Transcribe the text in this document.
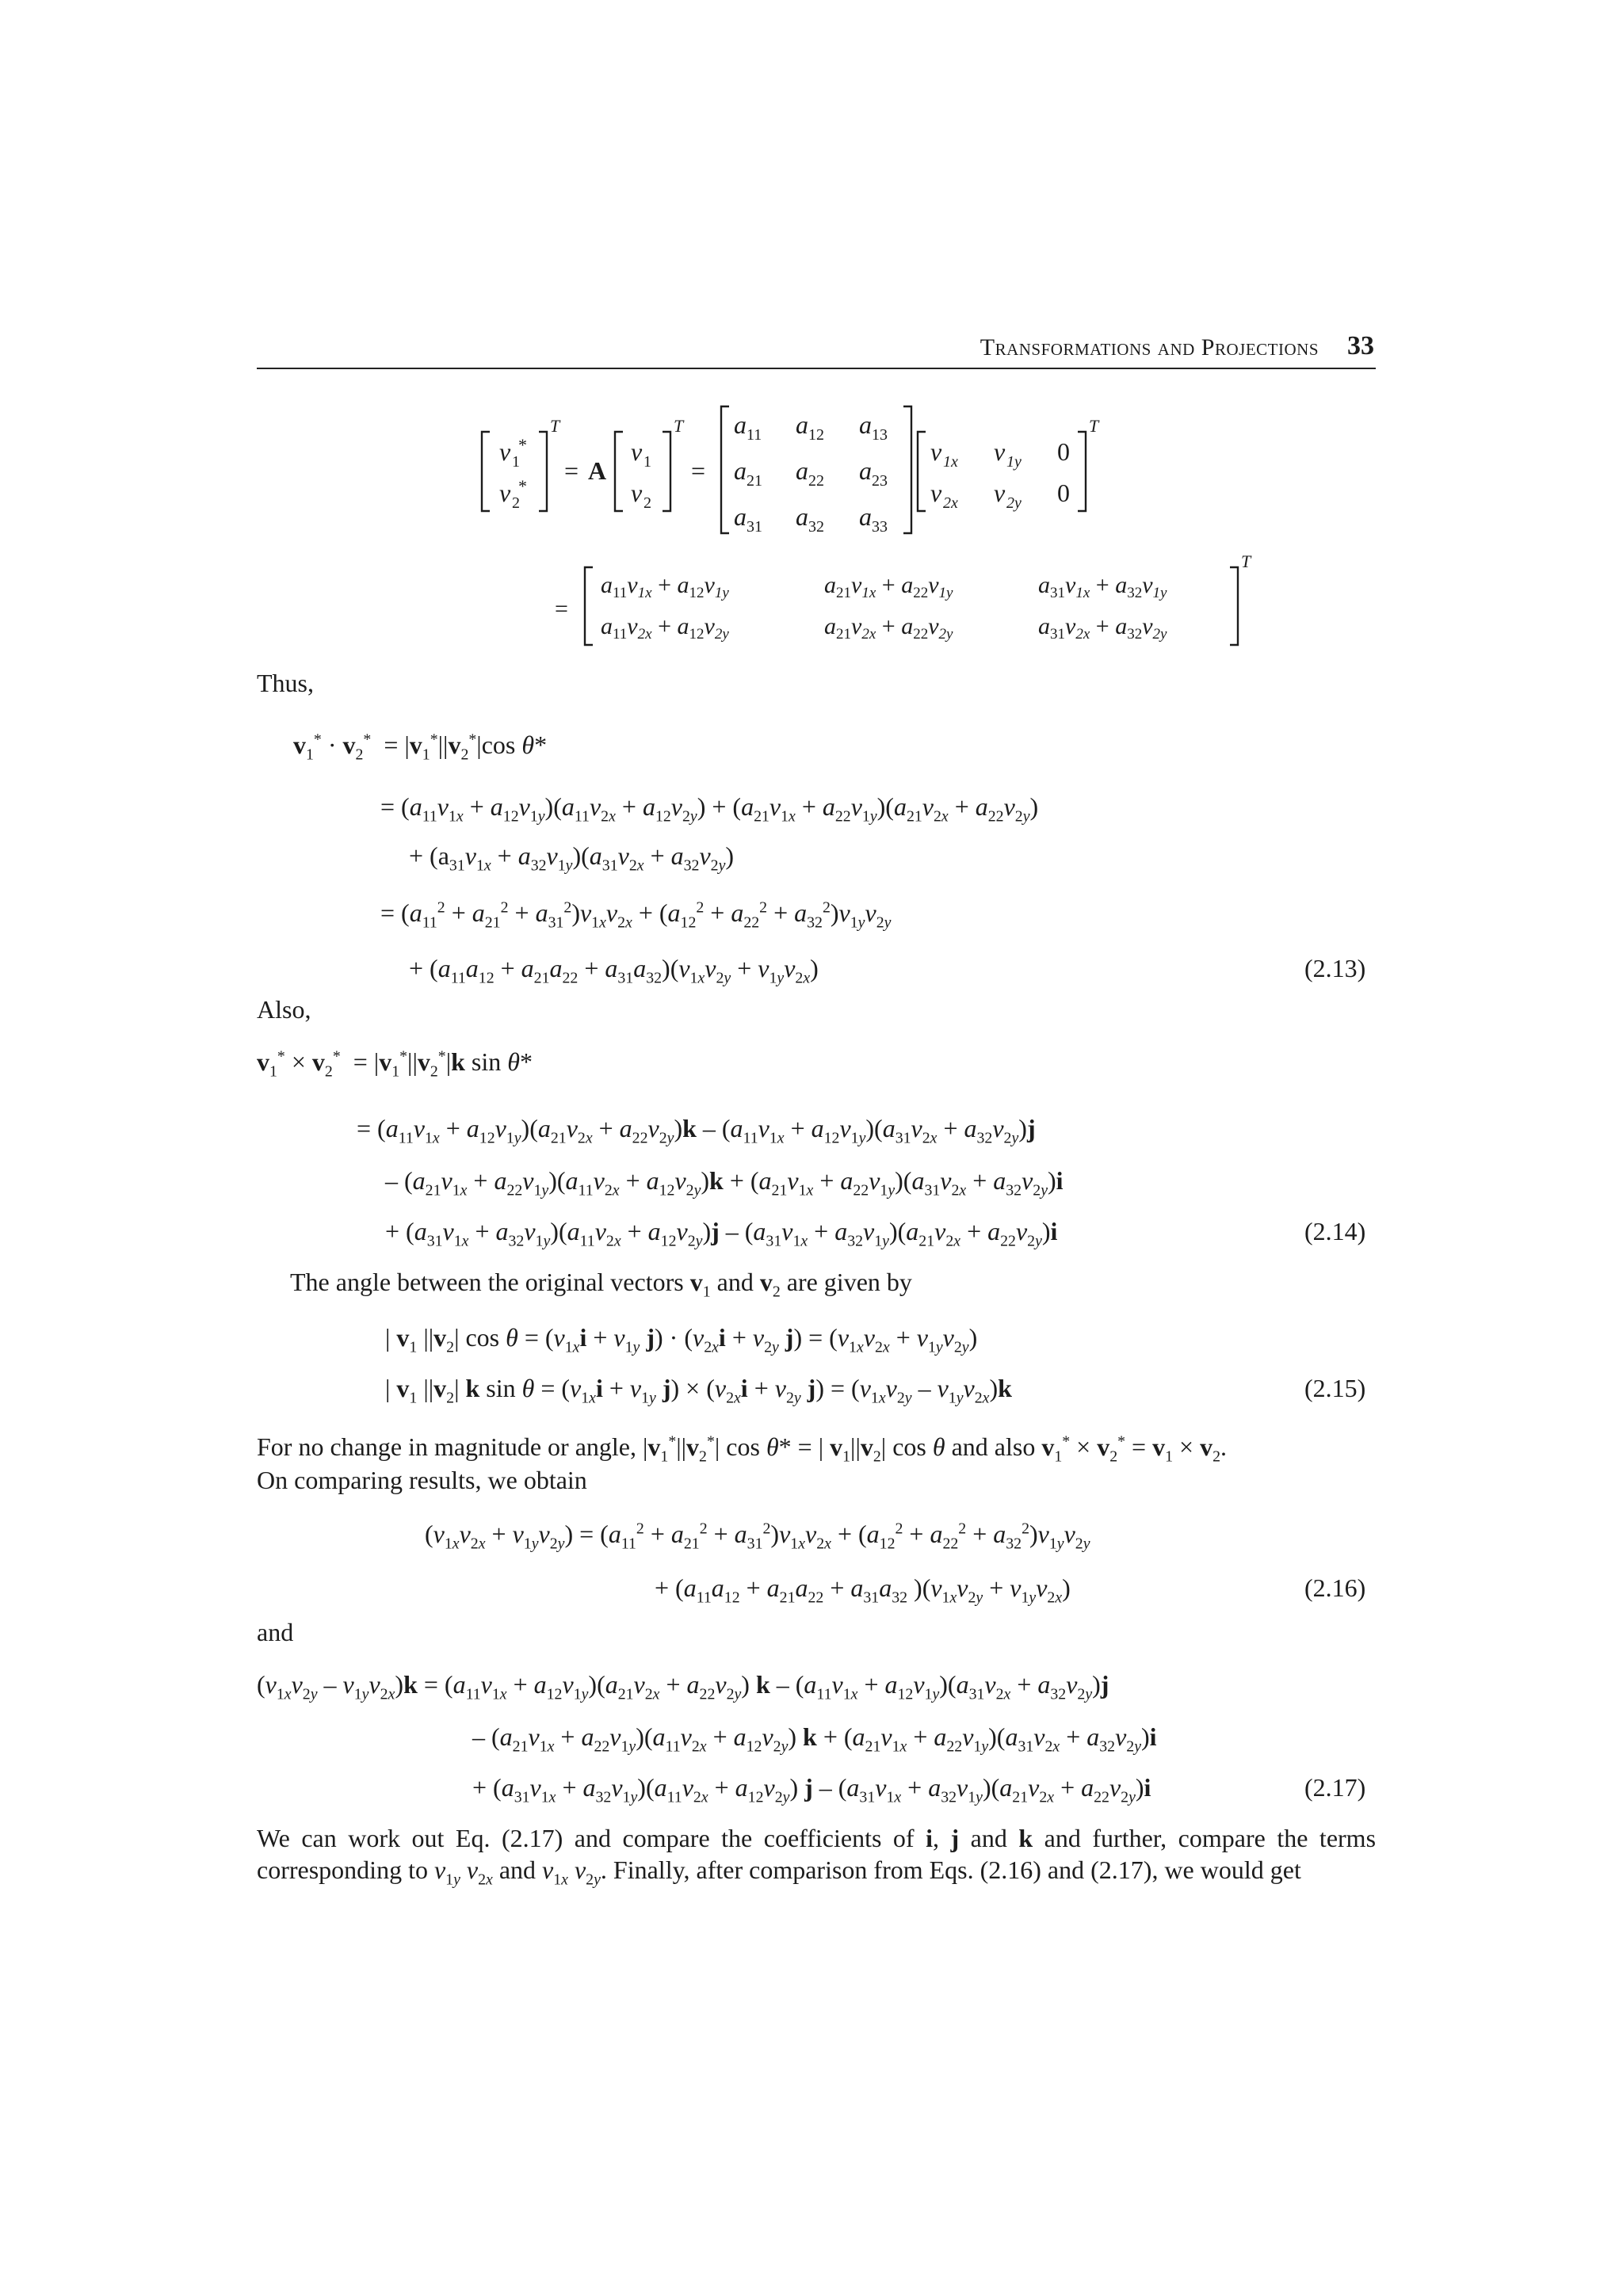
Transformations and Projections 33
v 1
*
v 2
*
T
= A
v 1
v 2
T
=
a 11 a 12 a 13
a 21 a 22 a 23
a 31 a 32 a 33
v 1x v 1y 0
v 2x v 2y 0
T
=
$a_{11}v_{1x} + a_{12}v_{1y}$	$a_{21}v_{1x} + a_{22}v_{1y}$	$a_{31}v_{1x} + a_{32}v_{1y}$
$a_{11}v_{2x} + a_{12}v_{2y}$	$a_{21}v_{2x} + a_{22}v_{2y}$	$a_{31}v_{2x} + a_{32}v_{2y}$
T
Thus,
$v_1^* \cdot v_2^* = |v_1^*||v_2^*|\cos$ θ*
= $(a_{11}v_{1x} + a_{12}v_{1y})(a_{11}v_{2x} + a_{12}v_{2y}) + (a_{21}v_{1x} + a_{22}v_{1y})(a_{21}v_{2x} + a_{22}v_{2y})$
+ $(a_{31}v_{1x} + a_{32}v_{1y})(a_{31}v_{2x} + a_{32}v_{2y})$
= $(a_{11}^2 + a_{21}^2 + a_{31}^2)v_{1x}v_{2x} + (a_{12}^2 + a_{22}^2 + a_{32}^2)v_{1y}v_{2y}$
+ $(a_{11}a_{12} + a_{21}a_{22} + a_{31}a_{32})(v_{1x}v_{2y} + v_{1y}v_{2x})$	(2.13)
Also,
$v_1^* \times v_2^* = |v_1^*||v_2^*|k$ sin θ*
= $(a_{11}v_{1x} + a_{12}v_{1y})(a_{21}v_{2x} + a_{22}v_{2y})k - (a_{11}v_{1x} + a_{12}v_{1y})(a_{31}v_{2x} + a_{32}v_{2y})j$
– $(a_{21}v_{1x} + a_{22}v_{1y})(a_{11}v_{2x} + a_{12}v_{2y})k + (a_{21}v_{1x} + a_{22}v_{1y})(a_{31}v_{2x} + a_{32}v_{2y})i$
+ $(a_{31}v_{1x} + a_{32}v_{1y})(a_{11}v_{2x} + a_{12}v_{2y})j - (a_{31}v_{1x} + a_{32}v_{1y})(a_{21}v_{2x} + a_{22}v_{2y})i$	(2.14)
The angle between the original vectors $v_1$ and $v_2$ are given by
| $v_1$ $||v_2|$ $\cos \theta = (v_{1x}i + v_{1y}$ $j) \cdot (v_{2x}i + v_{2y}$ $j) = (v_{1x}v_{2x} + v_{1y}v_{2y})$
| $v_1$ $||v_2|$ k $\sin \theta = (v_{1x}i + v_{1y}$ $j) \times (v_{2x}i + v_{2y}$ $j) = (v_{1x}v_{2y} - v_{1y}v_{2x})k$	(2.15)
For no change in magnitude or angle, $|v_1^*||v_2^*|$ cos θ* = | $v_1||v_2|$ cos θ and also $v_1^* \times v_2^* = v_1 \times v_2$.
On comparing results, we obtain
$(v_{1x}v_{2x} + v_{1y}v_{2y}) = (a_{11}^2 + a_{21}^2 + a_{31}^2)v_{1x}v_{2x} + (a_{12}^2 + a_{22}^2 + a_{32}^2)v_{1y}v_{2y}$
+ ($a_{11}a_{12} + a_{21}a_{22} + a_{31}a_{32}$ )$(v_{1x}v_{2y} + v_{1y}v_{2x})$	(2.16)
and
$(v_{1x}v_{2y} - v_{1y}v_{2x})k = (a_{11}v_{1x} + a_{12}v_{1y})(a_{21}v_{2x} + a_{22}v_{2y})$ $k - (a_{11}v_{1x} + a_{12}v_{1y})(a_{31}v_{2x} + a_{32}v_{2y})j$
– $(a_{21}v_{1x} + a_{22}v_{1y})(a_{11}v_{2x} + a_{12}v_{2y}) k + (a_{21}v_{1x} + a_{22}v_{1y})(a_{31}v_{2x} + a_{32}v_{2y})i$
+ $(a_{31}v_{1x} + a_{32}v_{1y})(a_{11}v_{2x} + a_{12}v_{2y})$ $j - (a_{31}v_{1x} + a_{32}v_{1y})(a_{21}v_{2x} + a_{22}v_{2y})i$	(2.17)
We can work out Eq. (2.17) and compare the coefficients of i, j and k and further, compare the terms corresponding to $v_{1y}$ $v_{2x}$ and $v_{1x}$ $v_{2y}$. Finally, after comparison from Eqs. (2.16) and (2.17), we would get
